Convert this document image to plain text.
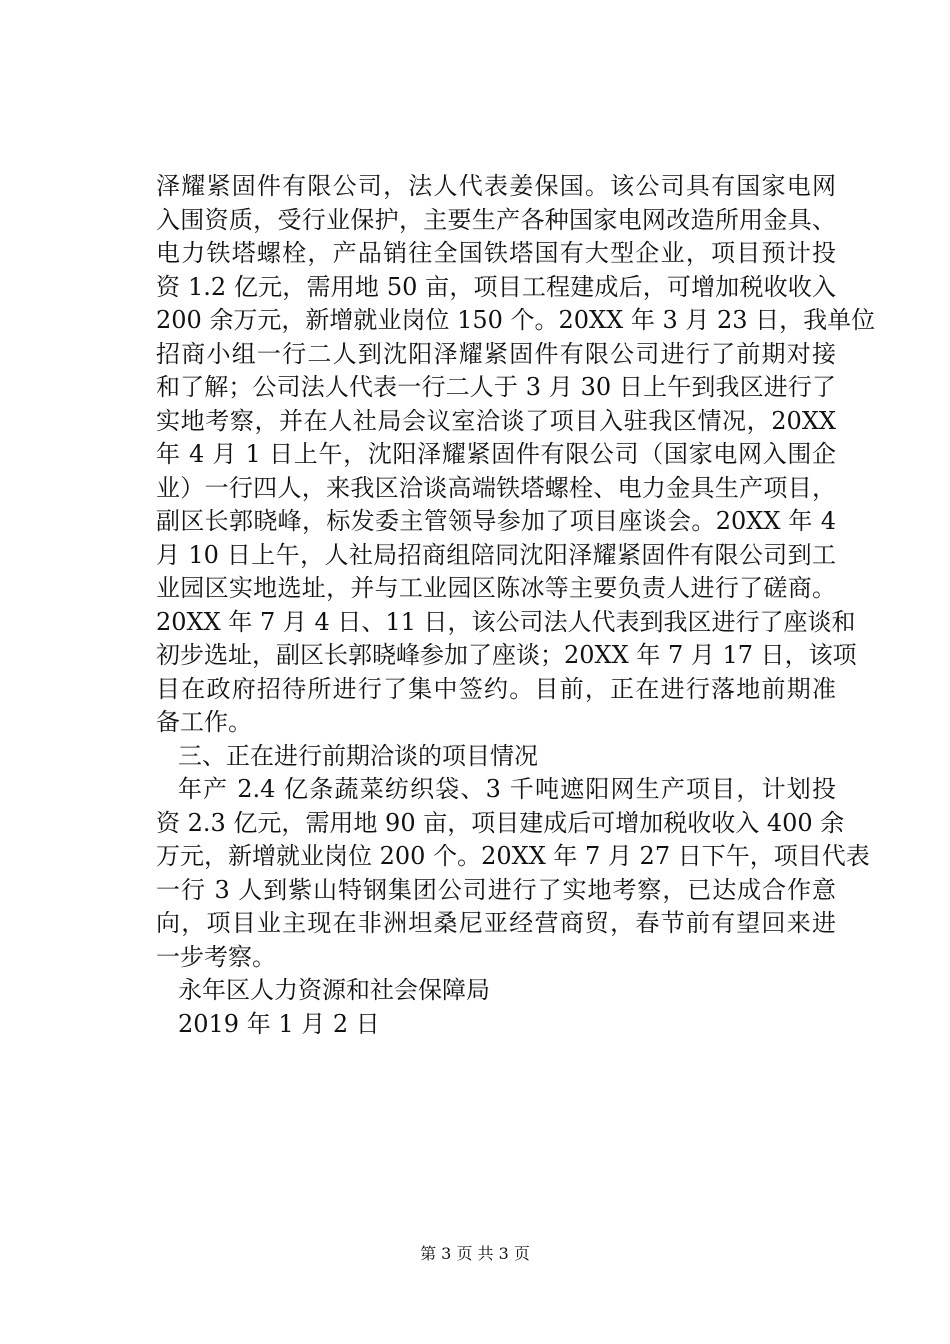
泽耀紧固件有限公司，法人代表姜保国。该公司具有国家电网
入围资质，受行业保护，主要生产各种国家电网改造所用金具、
电力铁塔螺栓，产品销往全国铁塔国有大型企业，项目预计投
资 1.2 亿元，需用地 50 亩，项目工程建成后，可增加税收收入
200 余万元，新增就业岗位 150 个。20XX 年 3 月 23 日，我单位
招商小组一行二人到沈阳泽耀紧固件有限公司进行了前期对接
和了解；公司法人代表一行二人于 3 月 30 日上午到我区进行了
实地考察，并在人社局会议室洽谈了项目入驻我区情况，20XX
年 4 月 1 日上午，沈阳泽耀紧固件有限公司（国家电网入围企
业）一行四人，来我区洽谈高端铁塔螺栓、电力金具生产项目，
副区长郭晓峰，标发委主管领导参加了项目座谈会。20XX 年 4
月 10 日上午，人社局招商组陪同沈阳泽耀紧固件有限公司到工
业园区实地选址，并与工业园区陈冰等主要负责人进行了磋商。
20XX 年 7 月 4 日、11 日，该公司法人代表到我区进行了座谈和
初步选址，副区长郭晓峰参加了座谈；20XX 年 7 月 17 日，该项
目在政府招待所进行了集中签约。目前，正在进行落地前期准
备工作。
三、正在进行前期洽谈的项目情况
年产 2.4 亿条蔬菜纺织袋、3 千吨遮阳网生产项目，计划投
资 2.3 亿元，需用地 90 亩，项目建成后可增加税收收入 400 余
万元，新增就业岗位 200 个。20XX 年 7 月 27 日下午，项目代表
一行 3 人到紫山特钢集团公司进行了实地考察，已达成合作意
向，项目业主现在非洲坦桑尼亚经营商贸，春节前有望回来进
一步考察。
永年区人力资源和社会保障局
2019 年 1 月 2 日
第 3 页 共 3 页
